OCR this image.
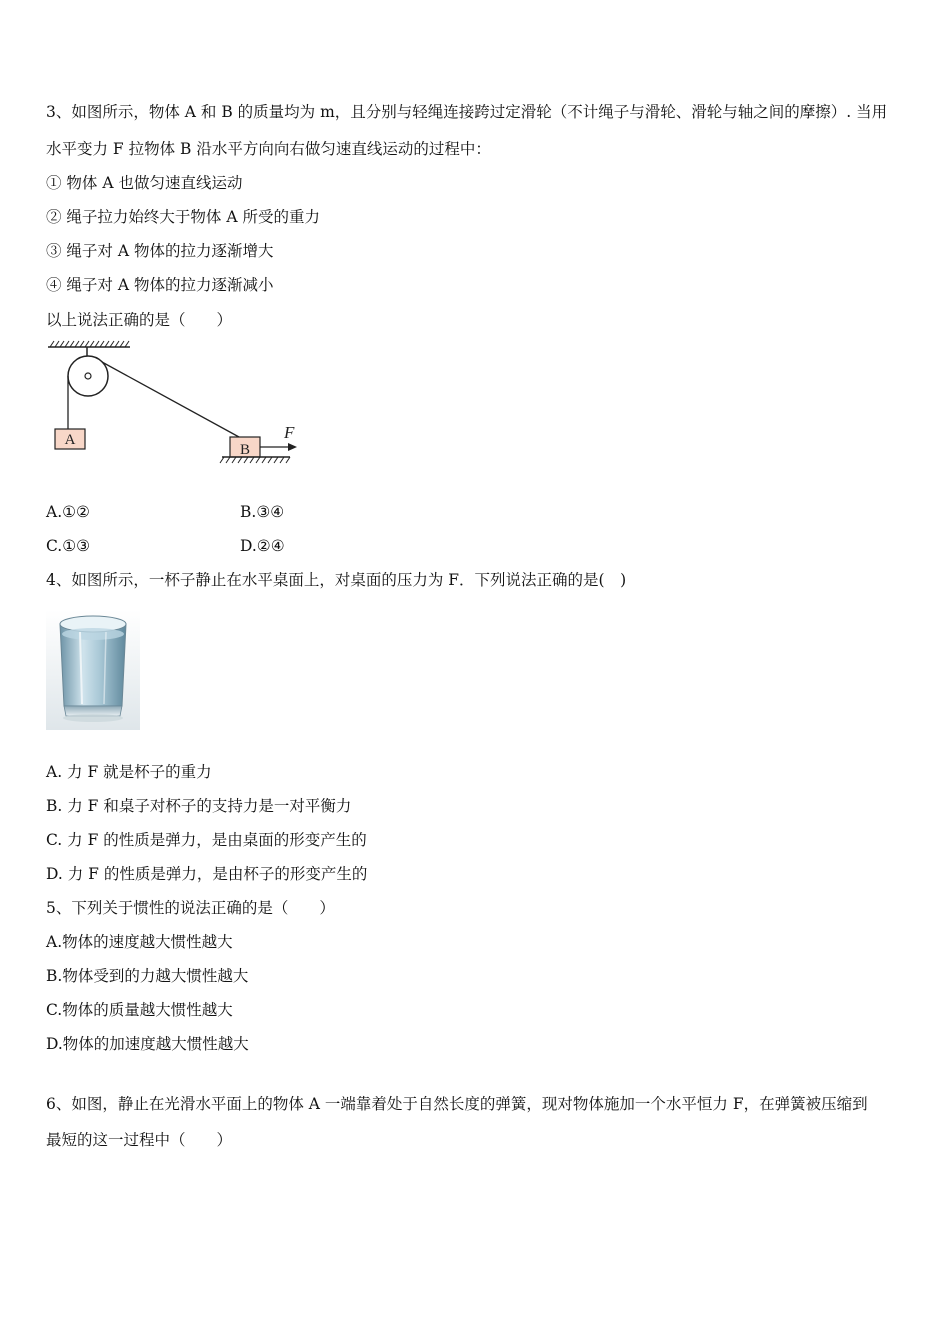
3、如图所示，物体 A 和 B 的质量均为 m，且分别与轻绳连接跨过定滑轮（不计绳子与滑轮、滑轮与轴之间的摩擦）. 当用
水平变力 F 拉物体 B 沿水平方向向右做匀速直线运动的过程中：
① 物体 A 也做匀速直线运动
② 绳子拉力始终大于物体 A 所受的重力
③ 绳子对 A 物体的拉力逐渐增大
④ 绳子对 A 物体的拉力逐渐减小
以上说法正确的是（　　）
A
B
F
A.①②	B.③④
C.①③	D.②④
4、如图所示，一杯子静止在水平桌面上，对桌面的压力为 F．下列说法正确的是(　)
A. 力 F 就是杯子的重力
B. 力 F 和桌子对杯子的支持力是一对平衡力
C. 力 F 的性质是弹力，是由桌面的形变产生的
D. 力 F 的性质是弹力，是由杯子的形变产生的
5、下列关于惯性的说法正确的是（　　）
A.物体的速度越大惯性越大
B.物体受到的力越大惯性越大
C.物体的质量越大惯性越大
D.物体的加速度越大惯性越大
6、如图，静止在光滑水平面上的物体 A 一端靠着处于自然长度的弹簧，现对物体施加一个水平恒力 F，在弹簧被压缩到
最短的这一过程中（　　）
